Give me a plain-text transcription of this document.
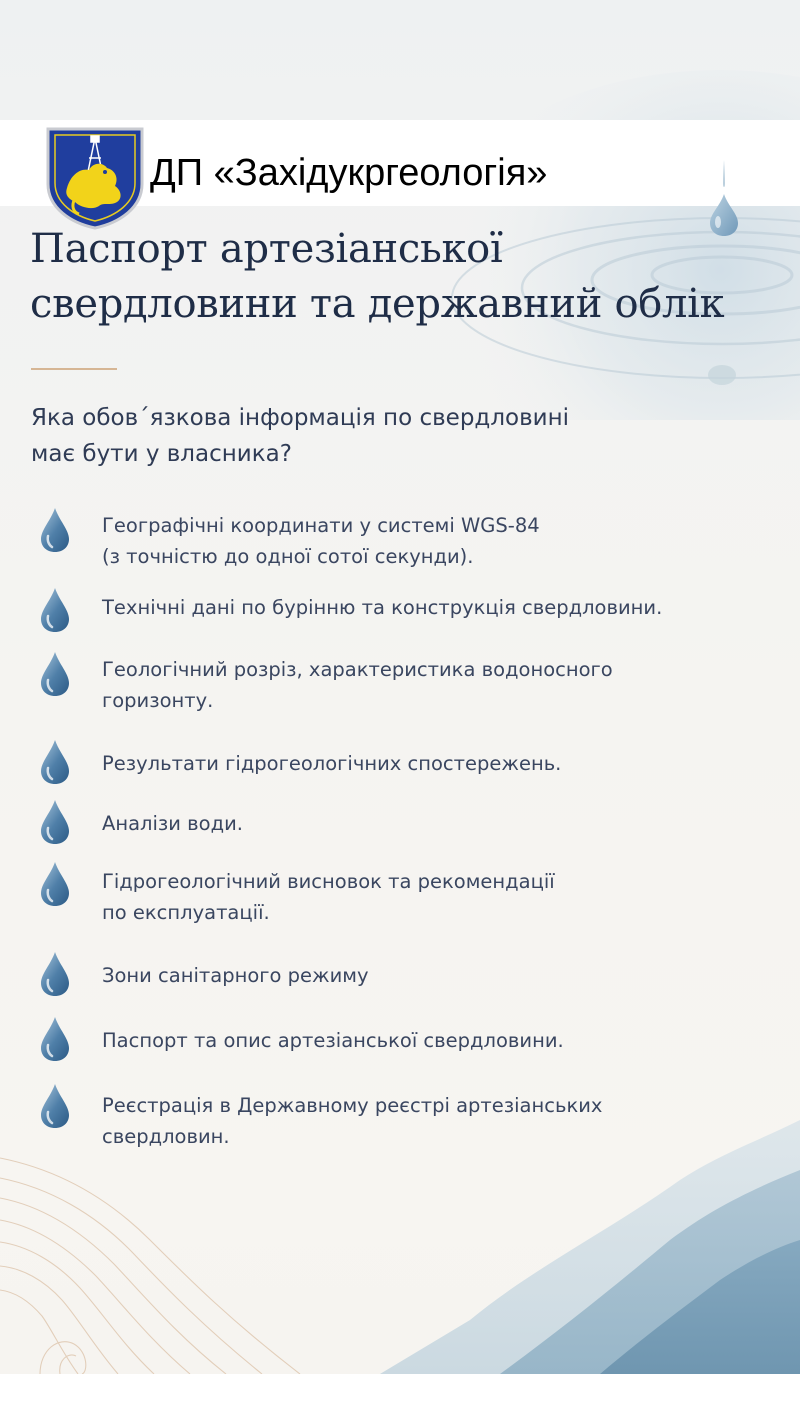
ДП «Західукргеологія»
Паспорт артезіанської
свердловини та державний облік
Яка обов´язкова інформація по свердловині
має бути у власника?
Географічні координати у системі WGS-84
(з точністю до одної сотої секунди).
Технічні дані по бурінню та конструкція свердловини.
Геологічний розріз, характеристика водоносного
горизонту.
Результати гідрогеологічних спостережень.
Аналізи води.
Гідрогеологічний висновок та рекомендації
по експлуатації.
Зони санітарного режиму
Паспорт та опис артезіанської свердловини.
Реєстрація в Державному реєстрі артезіанських
свердловин.
